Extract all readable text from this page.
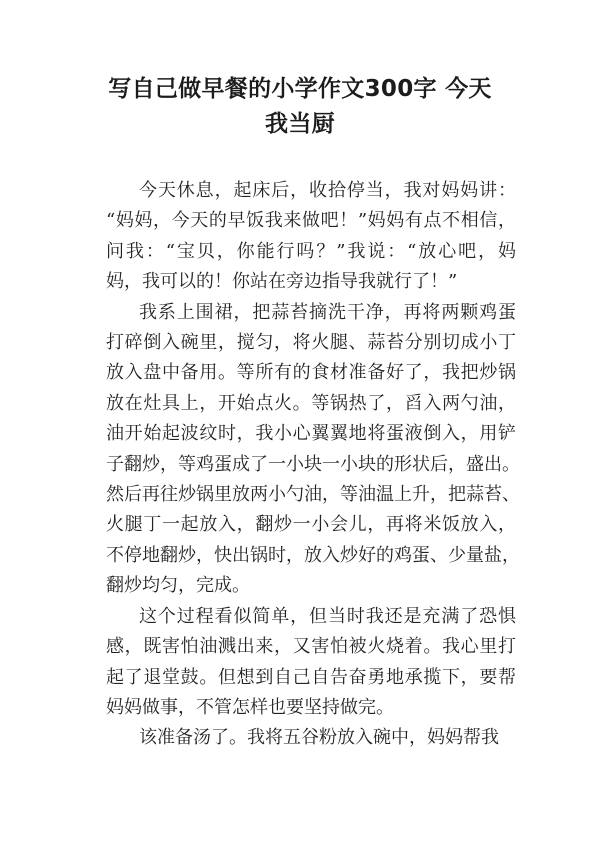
写自己做早餐的小学作文300字 今天
我当厨

今天休息，起床后，收拾停当，我对妈妈讲：
“妈妈，今天的早饭我来做吧！”妈妈有点不相信，
问我：“宝贝，你能行吗？”我说：“放心吧，妈
妈，我可以的！你站在旁边指导我就行了！”

我系上围裙，把蒜苔摘洗干净，再将两颗鸡蛋
打碎倒入碗里，搅匀，将火腿、蒜苔分别切成小丁
放入盘中备用。等所有的食材准备好了，我把炒锅
放在灶具上，开始点火。等锅热了，舀入两勺油，
油开始起波纹时，我小心翼翼地将蛋液倒入，用铲
子翻炒，等鸡蛋成了一小块一小块的形状后，盛出。
然后再往炒锅里放两小勺油，等油温上升，把蒜苔、
火腿丁一起放入，翻炒一小会儿，再将米饭放入，
不停地翻炒，快出锅时，放入炒好的鸡蛋、少量盐，
翻炒均匀，完成。

这个过程看似简单，但当时我还是充满了恐惧
感，既害怕油溅出来，又害怕被火烧着。我心里打
起了退堂鼓。但想到自己自告奋勇地承揽下，要帮
妈妈做事，不管怎样也要坚持做完。

该准备汤了。我将五谷粉放入碗中，妈妈帮我
